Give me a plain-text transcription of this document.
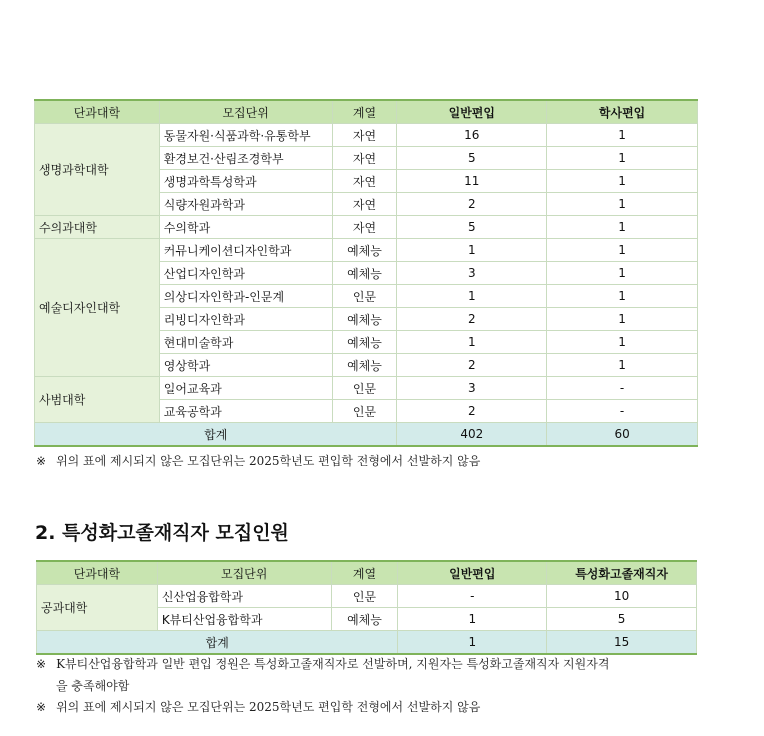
단과대학	모집단위	계열	일반편입	학사편입
생명과학대학	동물자원·식품과학·유통학부	자연	16	1
	환경보건·산림조경학부	자연	5	1
	생명과학특성학과	자연	11	1
	식량자원과학과	자연	2	1
수의과대학	수의학과	자연	5	1
예술디자인대학	커뮤니케이션디자인학과	예체능	1	1
	산업디자인학과	예체능	3	1
	의상디자인학과-인문계	인문	1	1
	리빙디자인학과	예체능	2	1
	현대미술학과	예체능	1	1
	영상학과	예체능	2	1
사범대학	일어교육과	인문	3	-
	교육공학과	인문	2	-
합계			402	60
※ 위의 표에 제시되지 않은 모집단위는 2025학년도 편입학 전형에서 선발하지 않음
2. 특성화고졸재직자 모집인원
단과대학	모집단위	계열	일반편입	특성화고졸재직자
공과대학	신산업융합학과	인문	-	10
	K뷰티산업융합학과	예체능	1	5
합계			1	15
※ K뷰티산업융합학과 일반 편입 정원은 특성화고졸재직자로 선발하며, 지원자는 특성화고졸재직자 지원자격
을 충족해야함
※ 위의 표에 제시되지 않은 모집단위는 2025학년도 편입학 전형에서 선발하지 않음
